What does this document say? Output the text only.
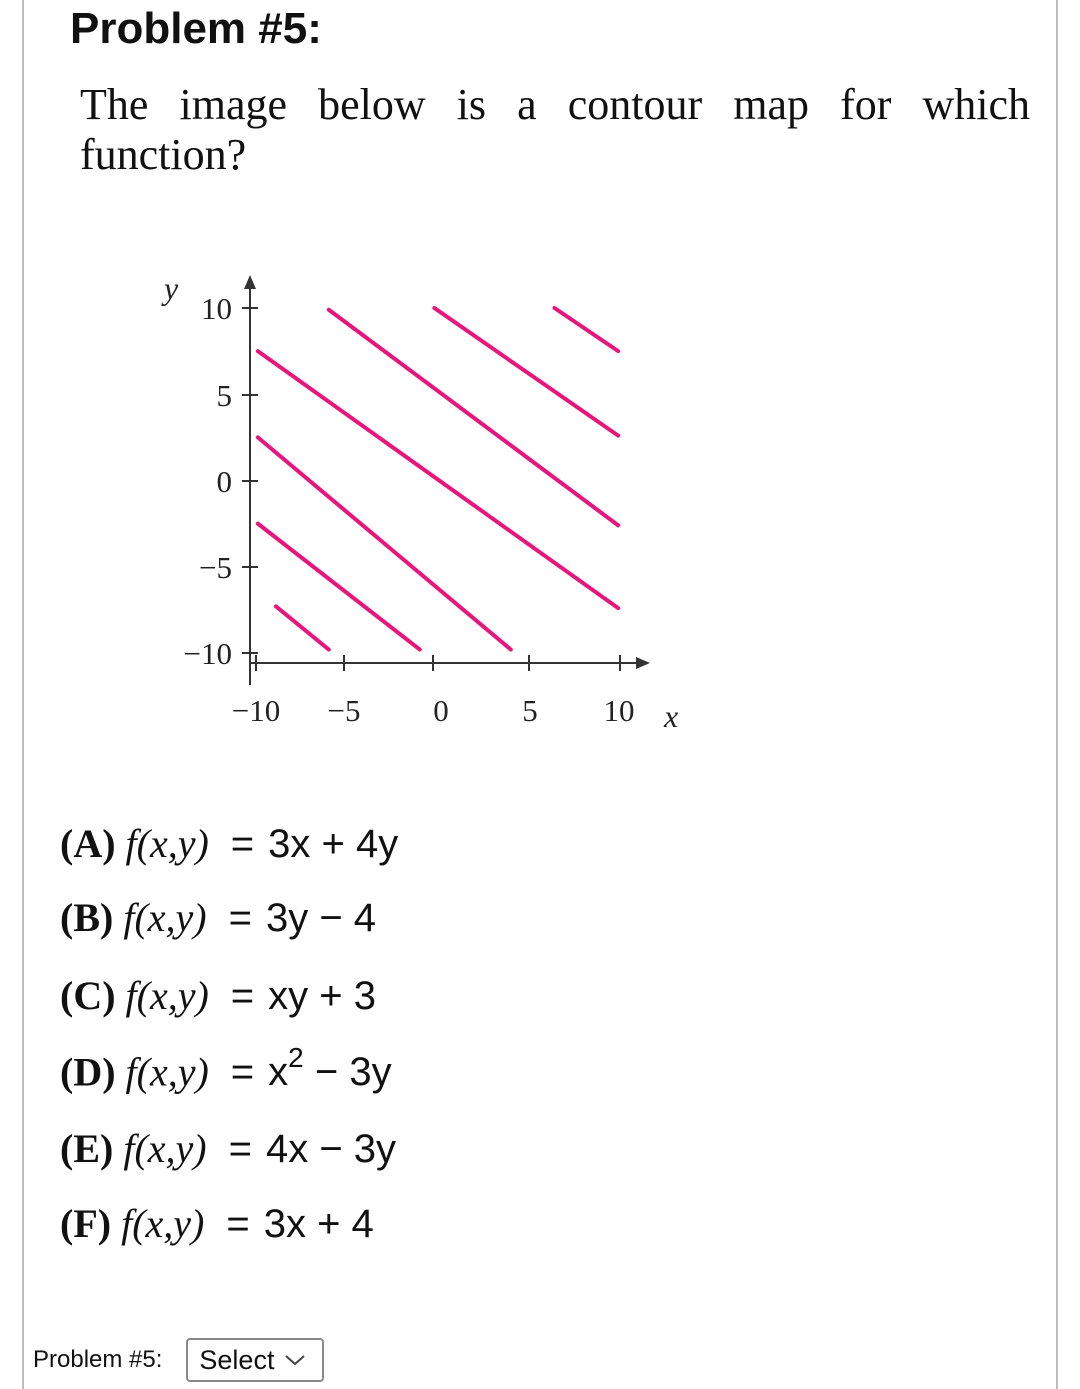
Problem #5:

The image below is a contour map for which function?

y
10
5
0
−5
−10
−10 −5 0 5 10 x
(A) f(x,y) = 3x + 4y
(B) f(x,y) = 3y − 4
(C) f(x,y) = xy + 3
(D) $f(x,y) = x^2 - 3y$
(E) f(x,y) = 4x − 3y
(F) f(x,y) = 3x + 4
Problem #5: Select
